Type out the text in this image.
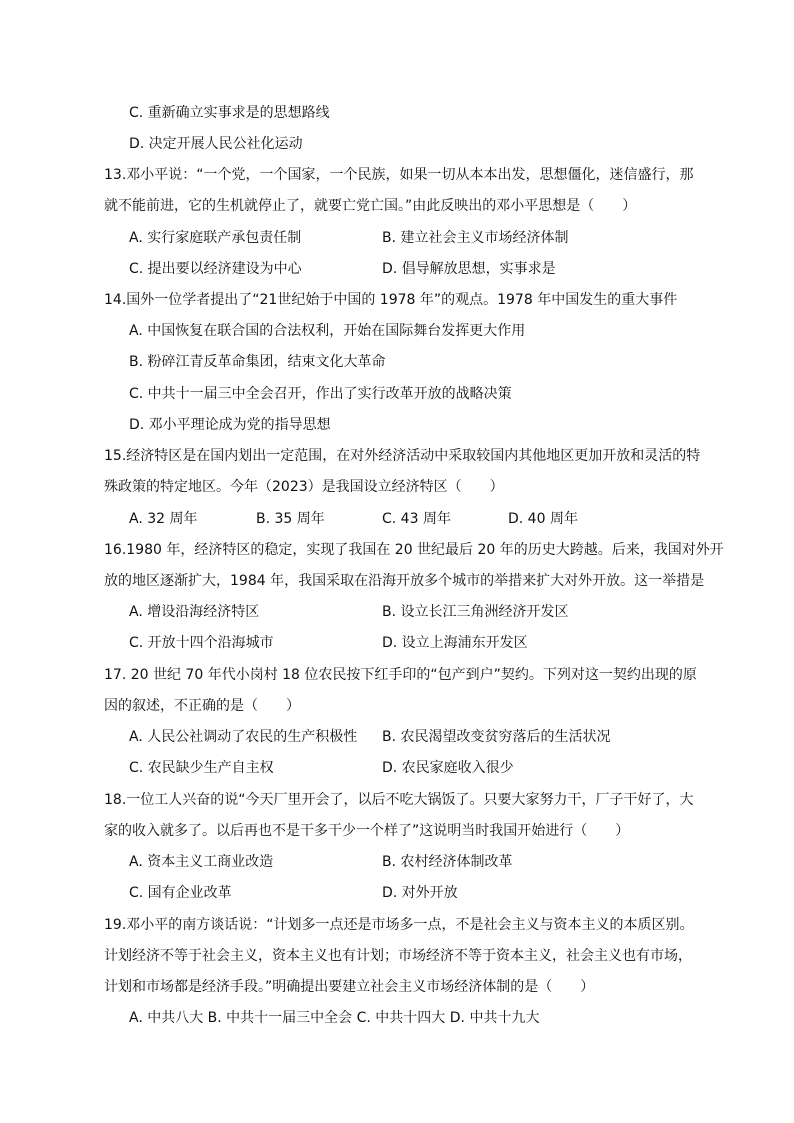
C. 重新确立实事求是的思想路线
D. 决定开展人民公社化运动
13.邓小平说：“一个党，一个国家，一个民族，如果一切从本本出发，思想僵化，迷信盛行，那
就不能前进，它的生机就停止了，就要亡党亡国。”由此反映出的邓小平思想是（　　）
A. 实行家庭联产承包责任制	B. 建立社会主义市场经济体制
C. 提出要以经济建设为中心	D. 倡导解放思想，实事求是
14.国外一位学者提出了“21世纪始于中国的 1978 年”的观点。1978 年中国发生的重大事件
A. 中国恢复在联合国的合法权利，开始在国际舞台发挥更大作用
B. 粉碎江青反革命集团，结束文化大革命
C. 中共十一届三中全会召开，作出了实行改革开放的战略决策
D. 邓小平理论成为党的指导思想
15.经济特区是在国内划出一定范围，在对外经济活动中采取较国内其他地区更加开放和灵活的特
殊政策的特定地区。今年（2023）是我国设立经济特区（　　）
A. 32 周年	B. 35 周年	C. 43 周年	D. 40 周年
16.1980 年，经济特区的稳定，实现了我国在 20 世纪最后 20 年的历史大跨越。后来，我国对外开
放的地区逐渐扩大，1984 年，我国采取在沿海开放多个城市的举措来扩大对外开放。这一举措是
A. 增设沿海经济特区	B. 设立长江三角洲经济开发区
C. 开放十四个沿海城市	D. 设立上海浦东开发区
17. 20 世纪 70 年代小岗村 18 位农民按下红手印的“包产到户”契约。下列对这一契约出现的原
因的叙述，不正确的是（　　）
A. 人民公社调动了农民的生产积极性 B. 农民渴望改变贫穷落后的生活状况
C. 农民缺少生产自主权	D. 农民家庭收入很少
18.一位工人兴奋的说“今天厂里开会了，以后不吃大锅饭了。只要大家努力干，厂子干好了，大
家的收入就多了。以后再也不是干多干少一个样了”这说明当时我国开始进行（　　）
A. 资本主义工商业改造	B. 农村经济体制改革
C. 国有企业改革	D. 对外开放
19.邓小平的南方谈话说：“计划多一点还是市场多一点，不是社会主义与资本主义的本质区别。
计划经济不等于社会主义，资本主义也有计划；市场经济不等于资本主义，社会主义也有市场，
计划和市场都是经济手段。”明确提出要建立社会主义市场经济体制的是（　　）
A. 中共八大 B. 中共十一届三中全会 C. 中共十四大 D. 中共十九大
